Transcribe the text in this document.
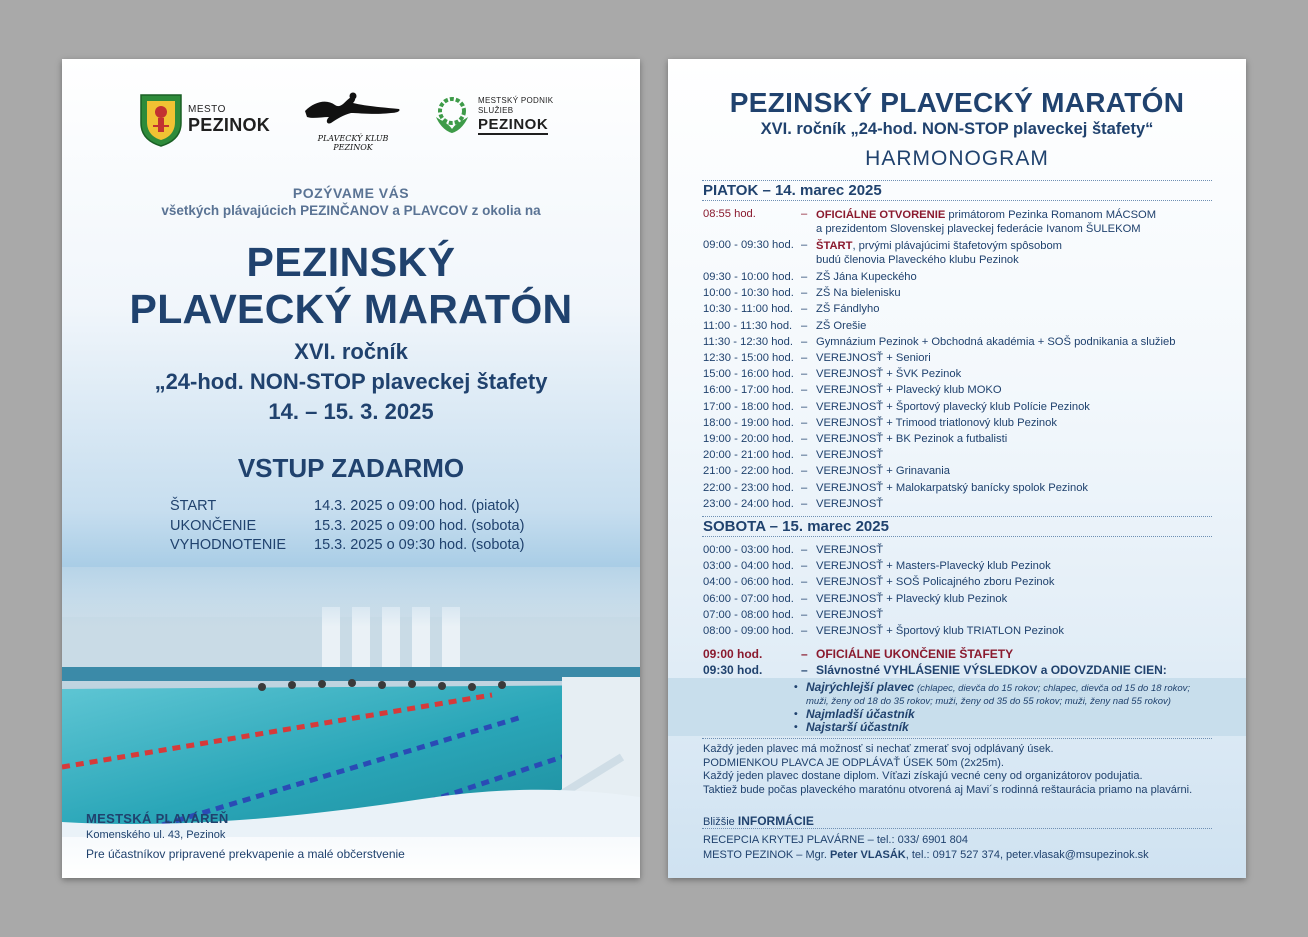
MESTO
PEZINOK
PLAVECKÝ KLUB PEZINOK
MESTSKÝ PODNIK
SLUŽIEB
PEZINOK
POZÝVAME VÁS
všetkých plávajúcich PEZINČANOV a PLAVCOV z okolia na
PEZINSKÝ
PLAVECKÝ MARATÓN
XVI. ročník
„24-hod. NON-STOP plaveckej štafety
14. – 15. 3. 2025
VSTUP ZADARMO
ŠTART	14.3. 2025 o 09:00 hod. (piatok)
UKONČENIE	15.3. 2025 o 09:00 hod. (sobota)
VYHODNOTENIE	15.3. 2025 o 09:30 hod. (sobota)
MESTSKÁ PLAVÁREŇ
Komenského ul. 43, Pezinok
Pre účastníkov pripravené prekvapenie a malé občerstvenie
PEZINSKÝ PLAVECKÝ MARATÓN
XVI. ročník „24-hod. NON-STOP plaveckej štafety“
HARMONOGRAM
PIATOK – 14. marec 2025
08:55 hod.	– OFICIÁLNE OTVORENIE primátorom Pezinka Romanom MÁCSOM
a prezidentom Slovenskej plaveckej federácie Ivanom ŠULEKOM
09:00 - 09:30 hod. – ŠTART, prvými plávajúcimi štafetovým spôsobom
budú členovia Plaveckého klubu Pezinok
09:30 - 10:00 hod. – ZŠ Jána Kupeckého
10:00 - 10:30 hod. – ZŠ Na bielenisku
10:30 - 11:00 hod. – ZŠ Fándlyho
11:00 - 11:30 hod. – ZŠ Orešie
11:30 - 12:30 hod. – Gymnázium Pezinok + Obchodná akadémia + SOŠ podnikania a služieb
12:30 - 15:00 hod. – VEREJNOSŤ + Seniori
15:00 - 16:00 hod. – VEREJNOSŤ + ŠVK Pezinok
16:00 - 17:00 hod. – VEREJNOSŤ + Plavecký klub MOKO
17:00 - 18:00 hod. – VEREJNOSŤ + Športový plavecký klub Polície Pezinok
18:00 - 19:00 hod. – VEREJNOSŤ + Trimood triatlonový klub Pezinok
19:00 - 20:00 hod. – VEREJNOSŤ + BK Pezinok a futbalisti
20:00 - 21:00 hod. – VEREJNOSŤ
21:00 - 22:00 hod. – VEREJNOSŤ + Grinavania
22:00 - 23:00 hod. – VEREJNOSŤ + Malokarpatský banícky spolok Pezinok
23:00 - 24:00 hod. – VEREJNOSŤ
SOBOTA – 15. marec 2025
00:00 - 03:00 hod. – VEREJNOSŤ
03:00 - 04:00 hod. – VEREJNOSŤ + Masters-Plavecký klub Pezinok
04:00 - 06:00 hod. – VEREJNOSŤ + SOŠ Policajného zboru Pezinok
06:00 - 07:00 hod. – VEREJNOSŤ + Plavecký klub Pezinok
07:00 - 08:00 hod. – VEREJNOSŤ
08:00 - 09:00 hod. – VEREJNOSŤ + Športový klub TRIATLON Pezinok
09:00 hod.	– OFICIÁLNE UKONČENIE ŠTAFETY
09:30 hod.	– Slávnostné VYHLÁSENIE VÝSLEDKOV a ODOVZDANIE CIEN:
• Najrýchlejší plavec (chlapec, dievča do 15 rokov; chlapec, dievča od 15 do 18 rokov;
muži, ženy od 18 do 35 rokov; muži, ženy od 35 do 55 rokov; muži, ženy nad 55 rokov)
• Najmladší účastník
• Najstarší účastník
Každý jeden plavec má možnosť si nechať zmerať svoj odplávaný úsek.
PODMIENKOU PLAVCA JE ODPLÁVAŤ ÚSEK 50m (2x25m).
Každý jeden plavec dostane diplom. Víťazi získajú vecné ceny od organizátorov podujatia.
Taktiež bude počas plaveckého maratónu otvorená aj Mavi´s rodinná reštaurácia priamo na plavárni.
Bližšie INFORMÁCIE
RECEPCIA KRYTEJ PLAVÁRNE – tel.: 033/ 6901 804
MESTO PEZINOK – Mgr. Peter VLASÁK, tel.: 0917 527 374, peter.vlasak@msupezinok.sk
